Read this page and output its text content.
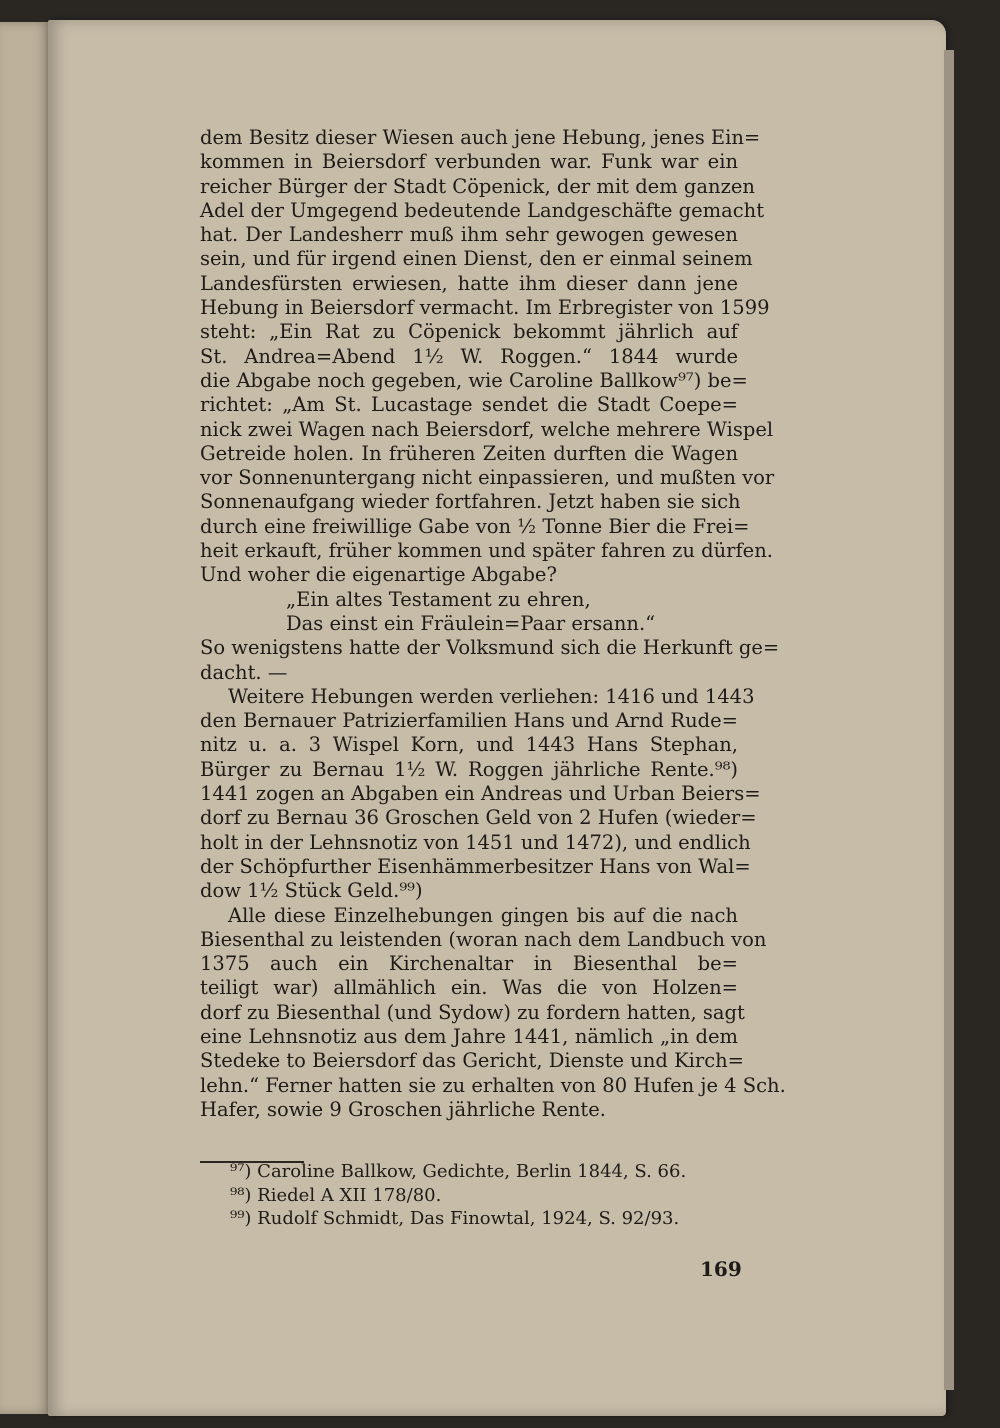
dem Besitz dieser Wiesen auch jene Hebung, jenes Ein=
kommen in Beiersdorf verbunden war. Funk war ein
reicher Bürger der Stadt Cöpenick, der mit dem ganzen
Adel der Umgegend bedeutende Landgeschäfte gemacht
hat. Der Landesherr muß ihm sehr gewogen gewesen
sein, und für irgend einen Dienst, den er einmal seinem
Landesfürsten erwiesen, hatte ihm dieser dann jene
Hebung in Beiersdorf vermacht. Im Erbregister von 1599
steht: „Ein Rat zu Cöpenick bekommt jährlich auf
St. Andrea=Abend 1½ W. Roggen.“ 1844 wurde
die Abgabe noch gegeben, wie Caroline Ballkow⁹⁷) be=
richtet: „Am St. Lucastage sendet die Stadt Coepe=
nick zwei Wagen nach Beiersdorf, welche mehrere Wispel
Getreide holen. In früheren Zeiten durften die Wagen
vor Sonnenuntergang nicht einpassieren, und mußten vor
Sonnenaufgang wieder fortfahren. Jetzt haben sie sich
durch eine freiwillige Gabe von ½ Tonne Bier die Frei=
heit erkauft, früher kommen und später fahren zu dürfen.
Und woher die eigenartige Abgabe?
„Ein altes Testament zu ehren,
Das einst ein Fräulein=Paar ersann.“
So wenigstens hatte der Volksmund sich die Herkunft ge=
dacht. —
Weitere Hebungen werden verliehen: 1416 und 1443
den Bernauer Patrizierfamilien Hans und Arnd Rude=
nitz u. a. 3 Wispel Korn, und 1443 Hans Stephan,
Bürger zu Bernau 1½ W. Roggen jährliche Rente.⁹⁸)
1441 zogen an Abgaben ein Andreas und Urban Beiers=
dorf zu Bernau 36 Groschen Geld von 2 Hufen (wieder=
holt in der Lehnsnotiz von 1451 und 1472), und endlich
der Schöpfurther Eisenhämmerbesitzer Hans von Wal=
dow 1½ Stück Geld.⁹⁹)
Alle diese Einzelhebungen gingen bis auf die nach
Biesenthal zu leistenden (woran nach dem Landbuch von
1375 auch ein Kirchenaltar in Biesenthal be=
teiligt war) allmählich ein. Was die von Holzen=
dorf zu Biesenthal (und Sydow) zu fordern hatten, sagt
eine Lehnsnotiz aus dem Jahre 1441, nämlich „in dem
Stedeke to Beiersdorf das Gericht, Dienste und Kirch=
lehn.“ Ferner hatten sie zu erhalten von 80 Hufen je 4 Sch.
Hafer, sowie 9 Groschen jährliche Rente.
⁹⁷) Caroline Ballkow, Gedichte, Berlin 1844, S. 66.
⁹⁸) Riedel A XII 178/80.
⁹⁹) Rudolf Schmidt, Das Finowtal, 1924, S. 92/93.
169
